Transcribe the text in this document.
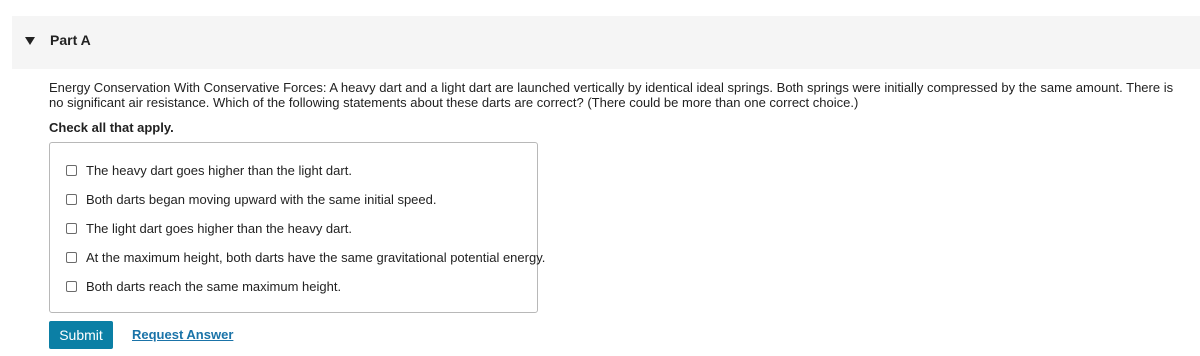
Part A
Energy Conservation With Conservative Forces: A heavy dart and a light dart are launched vertically by identical ideal springs. Both springs were initially compressed by the same amount. There is no significant air resistance. Which of the following statements about these darts are correct? (There could be more than one correct choice.)
Check all that apply.
The heavy dart goes higher than the light dart.
Both darts began moving upward with the same initial speed.
The light dart goes higher than the heavy dart.
At the maximum height, both darts have the same gravitational potential energy.
Both darts reach the same maximum height.
Submit	Request Answer
